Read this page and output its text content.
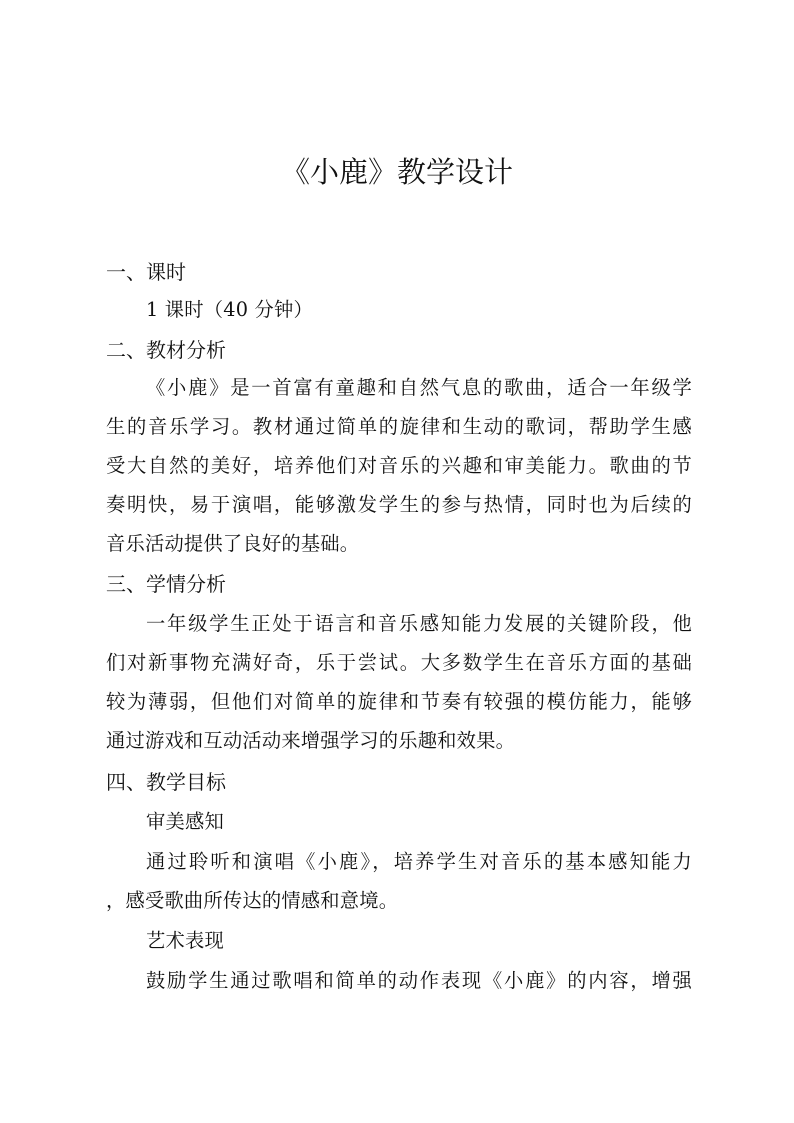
《小鹿》教学设计

一、课时

1 课时（40 分钟）

二、教材分析

《小鹿》是一首富有童趣和自然气息的歌曲，适合一年级学

生的音乐学习。教材通过简单的旋律和生动的歌词，帮助学生感

受大自然的美好，培养他们对音乐的兴趣和审美能力。歌曲的节

奏明快，易于演唱，能够激发学生的参与热情，同时也为后续的

音乐活动提供了良好的基础。

三、学情分析

一年级学生正处于语言和音乐感知能力发展的关键阶段，他

们对新事物充满好奇，乐于尝试。大多数学生在音乐方面的基础

较为薄弱，但他们对简单的旋律和节奏有较强的模仿能力，能够

通过游戏和互动活动来增强学习的乐趣和效果。

四、教学目标

审美感知

通过聆听和演唱《小鹿》，培养学生对音乐的基本感知能力

，感受歌曲所传达的情感和意境。

艺术表现

鼓励学生通过歌唱和简单的动作表现《小鹿》的内容，增强
